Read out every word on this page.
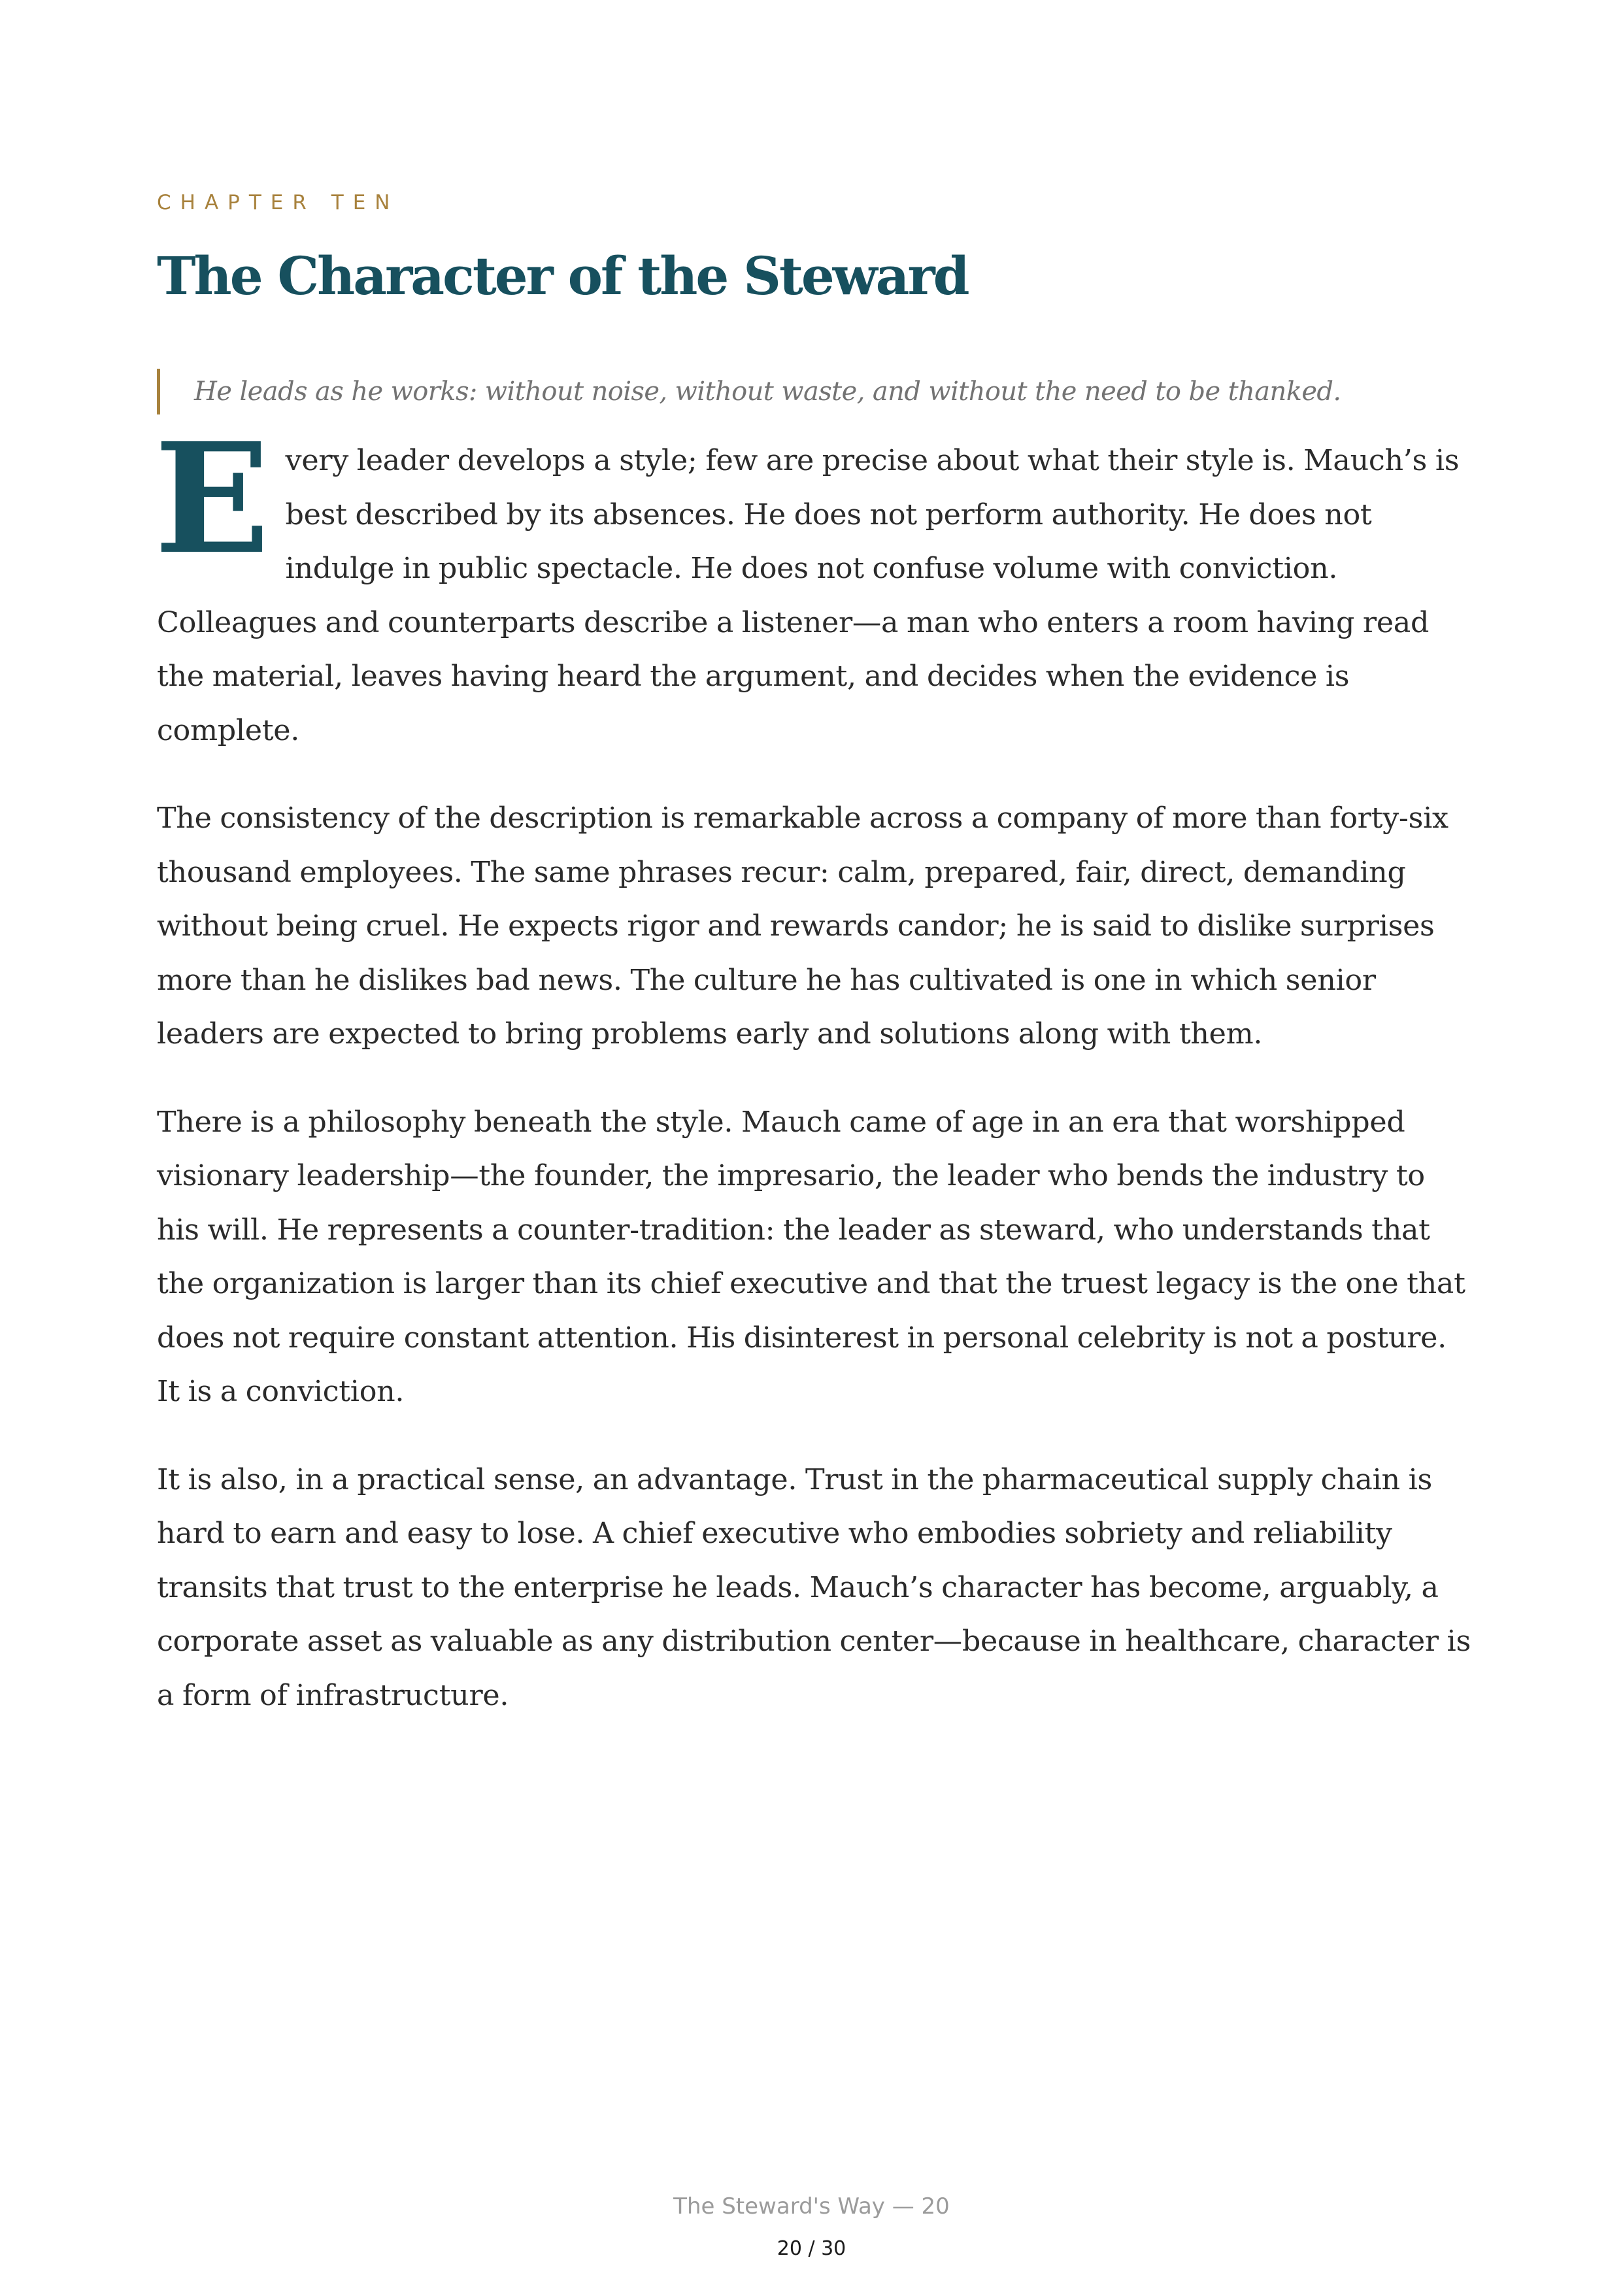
CHAPTER TEN
The Character of the Steward
He leads as he works: without noise, without waste, and without the need to be thanked.

Every leader develops a style; few are precise about what their style is. Mauch’s is best described by its absences. He does not perform authority. He does not indulge in public spectacle. He does not confuse volume with conviction. Colleagues and counterparts describe a listener—a man who enters a room having read the material, leaves having heard the argument, and decides when the evidence is complete.

The consistency of the description is remarkable across a company of more than forty-six thousand employees. The same phrases recur: calm, prepared, fair, direct, demanding without being cruel. He expects rigor and rewards candor; he is said to dislike surprises more than he dislikes bad news. The culture he has cultivated is one in which senior leaders are expected to bring problems early and solutions along with them.

There is a philosophy beneath the style. Mauch came of age in an era that worshipped visionary leadership—the founder, the impresario, the leader who bends the industry to his will. He represents a counter-tradition: the leader as steward, who understands that the organization is larger than its chief executive and that the truest legacy is the one that does not require constant attention. His disinterest in personal celebrity is not a posture. It is a conviction.

It is also, in a practical sense, an advantage. Trust in the pharmaceutical supply chain is hard to earn and easy to lose. A chief executive who embodies sobriety and reliability transits that trust to the enterprise he leads. Mauch’s character has become, arguably, a corporate asset as valuable as any distribution center—because in healthcare, character is a form of infrastructure.

The Steward's Way — 20
20 / 30
